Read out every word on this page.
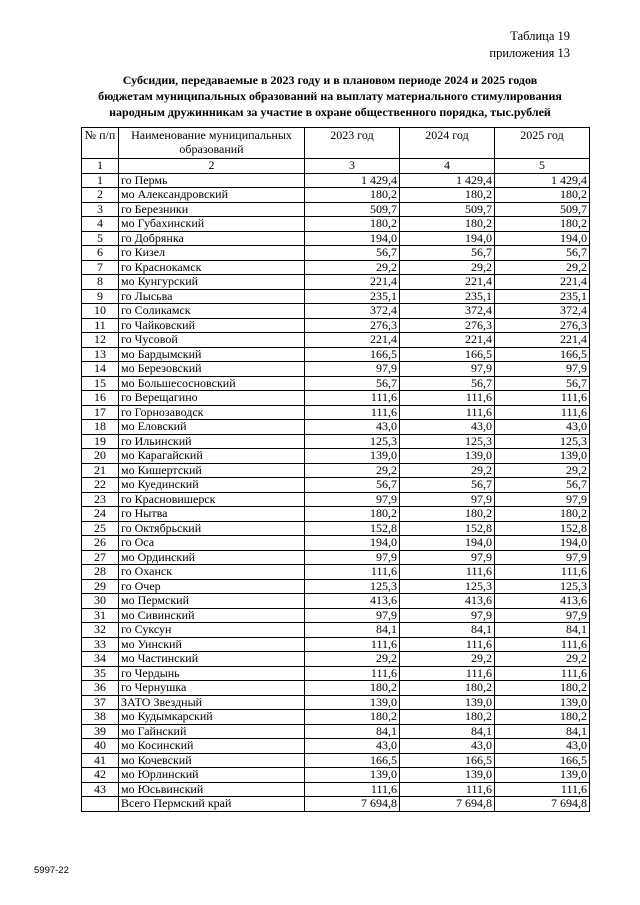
Таблица 19
приложения 13
Субсидии, передаваемые в 2023 году и в плановом периоде 2024 и 2025 годов
бюджетам муниципальных образований на выплату материального стимулирования
народным дружинникам за участие в охране общественного порядка, тыс.рублей
№ п/п	Наименование муниципальных образований	2023 год	2024 год	2025 год
1	2	3	4	5
1	го Пермь	1 429,4	1 429,4	1 429,4
2	мо Александровский	180,2	180,2	180,2
3	го Березники	509,7	509,7	509,7
4	мо Губахинский	180,2	180,2	180,2
5	го Добрянка	194,0	194,0	194,0
6	го Кизел	56,7	56,7	56,7
7	го Краснокамск	29,2	29,2	29,2
8	мо Кунгурский	221,4	221,4	221,4
9	го Лысьва	235,1	235,1	235,1
10	го Соликамск	372,4	372,4	372,4
11	го Чайковский	276,3	276,3	276,3
12	го Чусовой	221,4	221,4	221,4
13	мо Бардымский	166,5	166,5	166,5
14	мо Березовский	97,9	97,9	97,9
15	мо Большесосновский	56,7	56,7	56,7
16	го Верещагино	111,6	111,6	111,6
17	го Горнозаводск	111,6	111,6	111,6
18	мо Еловский	43,0	43,0	43,0
19	го Ильинский	125,3	125,3	125,3
20	мо Карагайский	139,0	139,0	139,0
21	мо Кишертский	29,2	29,2	29,2
22	мо Куединский	56,7	56,7	56,7
23	го Красновишерск	97,9	97,9	97,9
24	го Нытва	180,2	180,2	180,2
25	го Октябрьский	152,8	152,8	152,8
26	го Оса	194,0	194,0	194,0
27	мо Ординский	97,9	97,9	97,9
28	го Оханск	111,6	111,6	111,6
29	го Очер	125,3	125,3	125,3
30	мо Пермский	413,6	413,6	413,6
31	мо Сивинский	97,9	97,9	97,9
32	го Суксун	84,1	84,1	84,1
33	мо Уинский	111,6	111,6	111,6
34	мо Частинский	29,2	29,2	29,2
35	го Чердынь	111,6	111,6	111,6
36	го Чернушка	180,2	180,2	180,2
37	ЗАТО Звездный	139,0	139,0	139,0
38	мо Кудымкарский	180,2	180,2	180,2
39	мо Гайнский	84,1	84,1	84,1
40	мо Косинский	43,0	43,0	43,0
41	мо Кочевский	166,5	166,5	166,5
42	мо Юрлинский	139,0	139,0	139,0
43	мо Юсьвинский	111,6	111,6	111,6
	Всего Пермский край	7 694,8	7 694,8	7 694,8
5997-22
